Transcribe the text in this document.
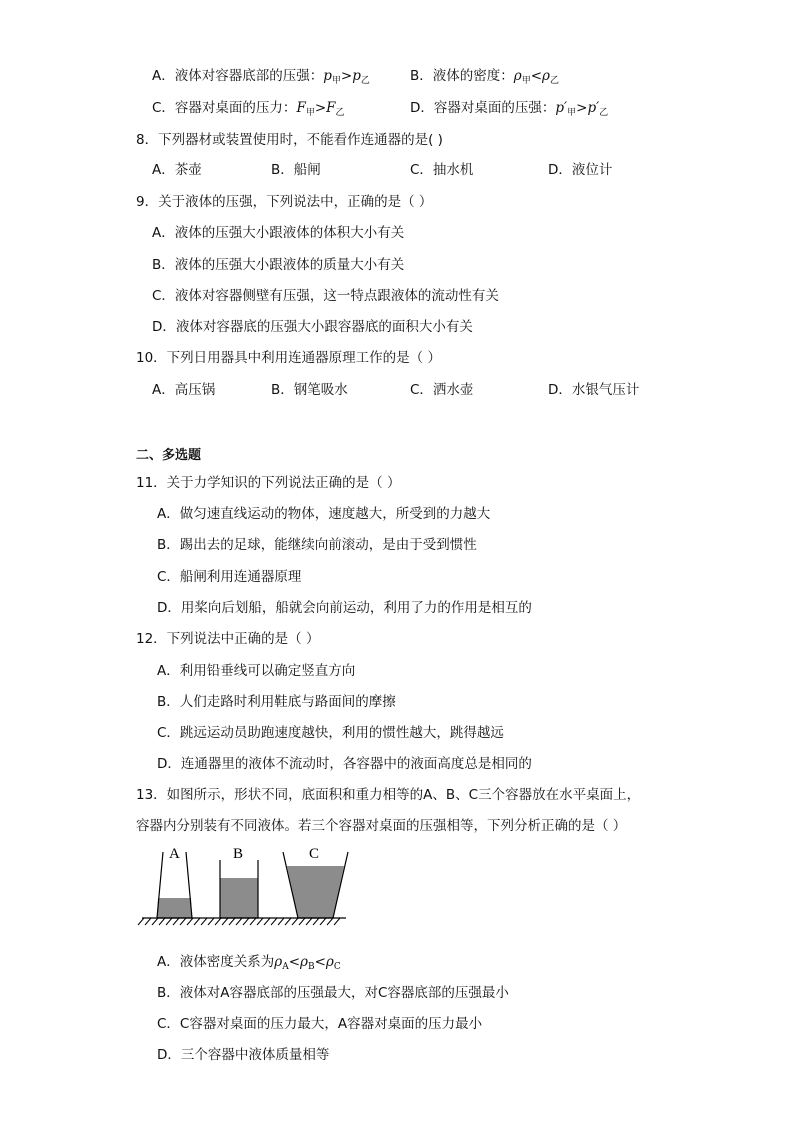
A．液体对容器底部的压强：$p_甲>p_乙$	B．液体的密度：$\rho_甲<\rho_乙$
C．容器对桌面的压力：$F_甲>F_乙$	D．容器对桌面的压强：$p'_甲>p'_乙$
8．下列器材或装置使用时，不能看作连通器的是( )
A．茶壶	B．船闸	C．抽水机	D．液位计
9．关于液体的压强，下列说法中，正确的是（ ）
A．液体的压强大小跟液体的体积大小有关
B．液体的压强大小跟液体的质量大小有关
C．液体对容器侧壁有压强，这一特点跟液体的流动性有关
D．液体对容器底的压强大小跟容器底的面积大小有关
10．下列日用器具中利用连通器原理工作的是（ ）
A．高压锅	B．钢笔吸水	C．洒水壶	D．水银气压计
二、多选题
11．关于力学知识的下列说法正确的是（ ）
A．做匀速直线运动的物体，速度越大，所受到的力越大
B．踢出去的足球，能继续向前滚动，是由于受到惯性
C．船闸利用连通器原理
D．用桨向后划船，船就会向前运动，利用了力的作用是相互的
12．下列说法中正确的是（ ）
A．利用铅垂线可以确定竖直方向
B．人们走路时利用鞋底与路面间的摩擦
C．跳远运动员助跑速度越快，利用的惯性越大，跳得越远
D．连通器里的液体不流动时，各容器中的液面高度总是相同的
13．如图所示，形状不同，底面积和重力相等的A、B、C三个容器放在水平桌面上，
容器内分别装有不同液体。若三个容器对桌面的压强相等，下列分析正确的是（ ）
A	B	C
A．液体密度关系为$\rho_A<\rho_B<\rho_C$
B．液体对A容器底部的压强最大，对C容器底部的压强最小
C．C容器对桌面的压力最大，A容器对桌面的压力最小
D．三个容器中液体质量相等
